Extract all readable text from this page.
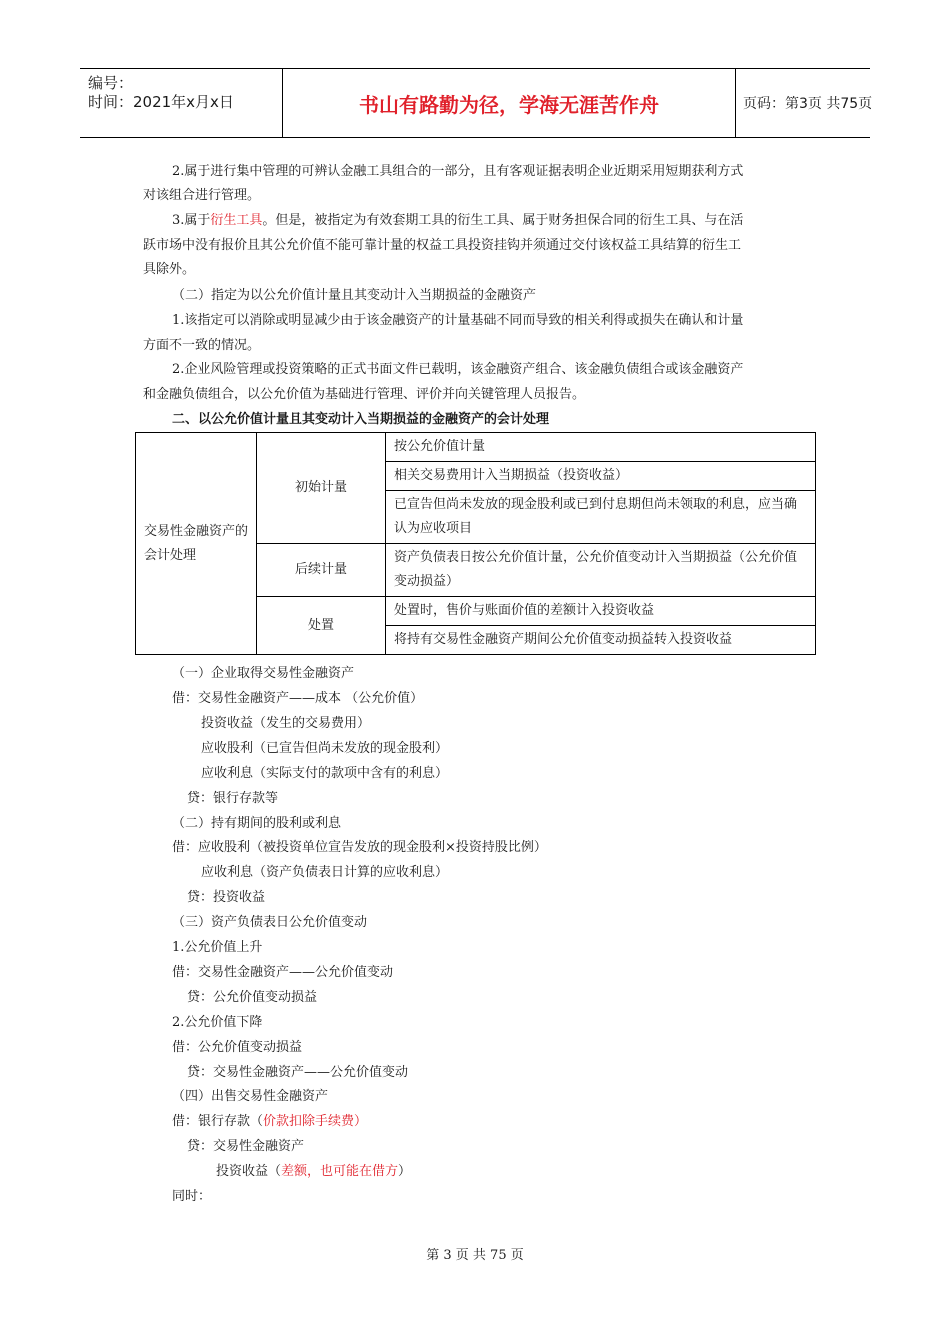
编号：
时间：2021年x月x日	书山有路勤为径，学海无涯苦作舟	页码：第3页 共75页
2.属于进行集中管理的可辨认金融工具组合的一部分，且有客观证据表明企业近期采用短期获利方式
对该组合进行管理。
3.属于衍生工具。但是，被指定为有效套期工具的衍生工具、属于财务担保合同的衍生工具、与在活
跃市场中没有报价且其公允价值不能可靠计量的权益工具投资挂钩并须通过交付该权益工具结算的衍生工
具除外。
（二）指定为以公允价值计量且其变动计入当期损益的金融资产
1.该指定可以消除或明显减少由于该金融资产的计量基础不同而导致的相关利得或损失在确认和计量
方面不一致的情况。
2.企业风险管理或投资策略的正式书面文件已载明，该金融资产组合、该金融负债组合或该金融资产
和金融负债组合，以公允价值为基础进行管理、评价并向关键管理人员报告。
二、以公允价值计量且其变动计入当期损益的金融资产的会计处理
交易性金融资产的会计处理	初始计量	按公允价值计量
		相关交易费用计入当期损益（投资收益）
		已宣告但尚未发放的现金股利或已到付息期但尚未领取的利息，应当确认为应收项目
	后续计量	资产负债表日按公允价值计量，公允价值变动计入当期损益（公允价值变动损益）
	处置	处置时，售价与账面价值的差额计入投资收益
		将持有交易性金融资产期间公允价值变动损益转入投资收益
（一）企业取得交易性金融资产
借：交易性金融资产——成本 （公允价值）
投资收益（发生的交易费用）
应收股利（已宣告但尚未发放的现金股利）
应收利息（实际支付的款项中含有的利息）
贷：银行存款等
（二）持有期间的股利或利息
借：应收股利（被投资单位宣告发放的现金股利×投资持股比例）
应收利息（资产负债表日计算的应收利息）
贷：投资收益
（三）资产负债表日公允价值变动
1.公允价值上升
借：交易性金融资产——公允价值变动
贷：公允价值变动损益
2.公允价值下降
借：公允价值变动损益
贷：交易性金融资产——公允价值变动
（四）出售交易性金融资产
借：银行存款（价款扣除手续费）
贷：交易性金融资产
投资收益（差额，也可能在借方）
同时：
第 3 页 共 75 页
